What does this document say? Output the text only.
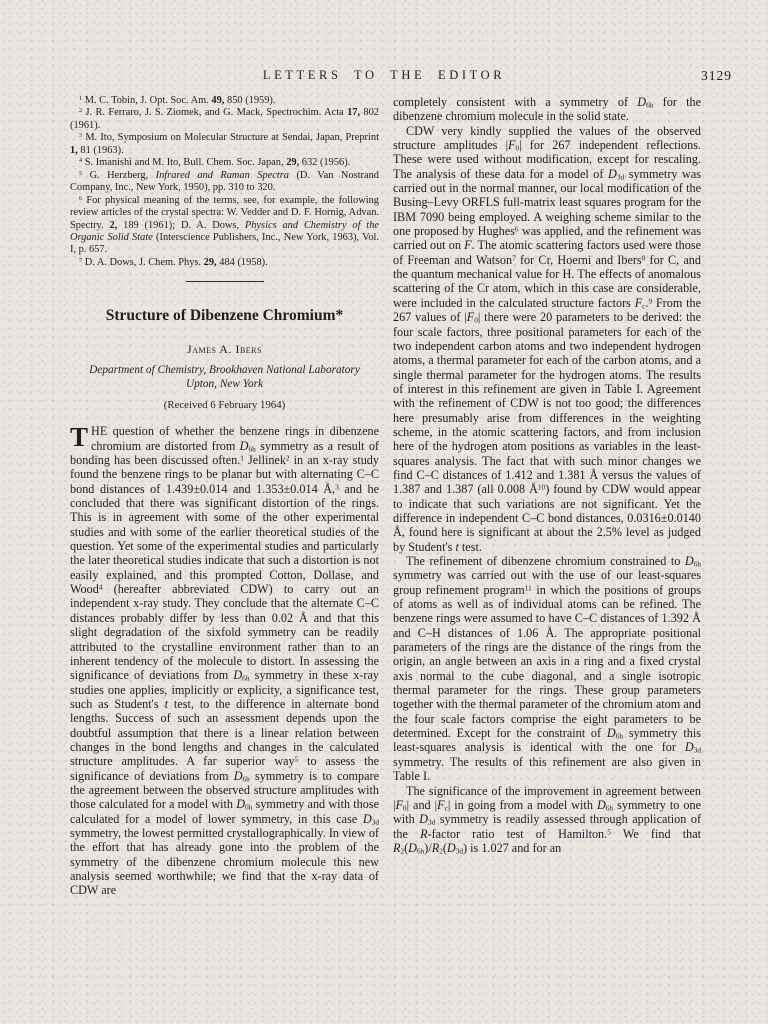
LETTERS TO THE EDITOR	3129

$^1$ M. C. Tobin, J. Opt. Soc. Am. 49, 850 (1959).

$^2$ J. R. Ferraro, J. S. Ziomek, and G. Mack, Spectrochim. Acta 17, 802 (1961).

$^3$ M. Ito, Symposium on Molecular Structure at Sendai, Japan, Preprint 1, 81 (1963).

$^4$ S. Imanishi and M. Ito, Bull. Chem. Soc. Japan, 29, 632 (1956).

$^5$ G. Herzberg, Infrared and Raman Spectra (D. Van Nostrand Company, Inc., New York, 1950), pp. 310 to 320.

$^6$ For physical meaning of the terms, see, for example, the following review articles of the crystal spectra: W. Vedder and D. F. Hornig, Advan. Spectry. 2, 189 (1961); D. A. Dows, Physics and Chemistry of the Organic Solid State (Interscience Publishers, Inc., New York, 1963), Vol. I, p. 657.

$^7$ D. A. Dows, J. Chem. Phys. 29, 484 (1958).

Structure of Dibenzene Chromium*
James A. Ibers
Department of Chemistry, Brookhaven National Laboratory
Upton, New York
(Received 6 February 1964)

THE question of whether the benzene rings in dibenzene chromium are distorted from $D_{6h}$ symmetry as a result of bonding has been discussed often.$^1$ Jellinek$^2$ in an x-ray study found the benzene rings to be planar but with alternating C–C bond distances of 1.439±0.014 and 1.353±0.014 Å,$^3$ and he concluded that there was significant distortion of the rings. This is in agreement with some of the other experimental studies and with some of the earlier theoretical studies of the question. Yet some of the experimental studies and particularly the later theoretical studies indicate that such a distortion is not easily explained, and this prompted Cotton, Dollase, and Wood$^4$ (hereafter abbreviated CDW) to carry out an independent x-ray study. They conclude that the alternate C–C distances probably differ by less than 0.02 Å and that this slight degradation of the sixfold symmetry can be readily attributed to the crystalline environment rather than to an inherent tendency of the molecule to distort. In assessing the significance of deviations from $D_{6h}$ symmetry in these x-ray studies one applies, implicitly or explicity, a significance test, such as Student's t test, to the difference in alternate bond lengths. Success of such an assessment depends upon the doubtful assumption that there is a linear relation between changes in the bond lengths and changes in the calculated structure amplitudes. A far superior way$^5$ to assess the significance of deviations from $D_{6h}$ symmetry is to compare the agreement between the observed structure amplitudes with those calculated for a model with $D_{6h}$ symmetry and with those calculated for a model of lower symmetry, in this case $D_{3d}$ symmetry, the lowest permitted crystallographically. In view of the effort that has already gone into the problem of the symmetry of the dibenzene chromium molecule this new analysis seemed worthwhile; we find that the x-ray data of CDW are

completely consistent with a symmetry of $D_{6h}$ for the dibenzene chromium molecule in the solid state.

CDW very kindly supplied the values of the observed structure amplitudes $|F_0|$ for 267 independent reflections. These were used without modification, except for rescaling. The analysis of these data for a model of $D_{3d}$ symmetry was carried out in the normal manner, our local modification of the Busing–Levy ORFLS full-matrix least squares program for the IBM 7090 being employed. A weighing scheme similar to the one proposed by Hughes$^6$ was applied, and the refinement was carried out on F. The atomic scattering factors used were those of Freeman and Watson$^7$ for Cr, Hoerni and Ibers$^8$ for C, and the quantum mechanical value for H. The effects of anomalous scattering of the Cr atom, which in this case are considerable, were included in the calculated structure factors $F_c.^9$ From the 267 values of $|F_0|$ there were 20 parameters to be derived: the four scale factors, three positional parameters for each of the two independent carbon atoms and two independent hydrogen atoms, a thermal parameter for each of the carbon atoms, and a single thermal parameter for the hydrogen atoms. The results of interest in this refinement are given in Table I. Agreement with the refinement of CDW is not too good; the differences here presumably arise from differences in the weighting scheme, in the atomic scattering factors, and from inclusion here of the hydrogen atom positions as variables in the least-squares analysis. The fact that with such minor changes we find C–C distances of 1.412 and 1.381 Å versus the values of 1.387 and 1.387 (all 0.008 $Å^{10}$) found by CDW would appear to indicate that such variations are not significant. Yet the difference in independent C–C bond distances, 0.0316±0.0140 Å, found here is significant at about the 2.5% level as judged by Student's t test.

The refinement of dibenzene chromium constrained to $D_{6h}$ symmetry was carried out with the use of our least-squares group refinement program$^{11}$ in which the positions of groups of atoms as well as of individual atoms can be refined. The benzene rings were assumed to have C–C distances of 1.392 Å and C–H distances of 1.06 Å. The appropriate positional parameters of the rings are the distance of the rings from the origin, an angle between an axis in a ring and a fixed crystal axis normal to the cube diagonal, and a single isotropic thermal parameter for the rings. These group parameters together with the thermal parameter of the chromium atom and the four scale factors comprise the eight parameters to be determined. Except for the constraint of $D_{6h}$ symmetry this least-squares analysis is identical with the one for $D_{3d}$ symmetry. The results of this refinement are also given in Table I.

The significance of the improvement in agreement between $|F_0|$ and $|F_c|$ in going from a model with $D_{6h}$ symmetry to one with $D_{3d}$ symmetry is readily assessed through application of the R-factor ratio test of Hamilton.$^5$ We find that $R_2(D_{6h})/R_2(D_{3d})$ is 1.027 and for an
